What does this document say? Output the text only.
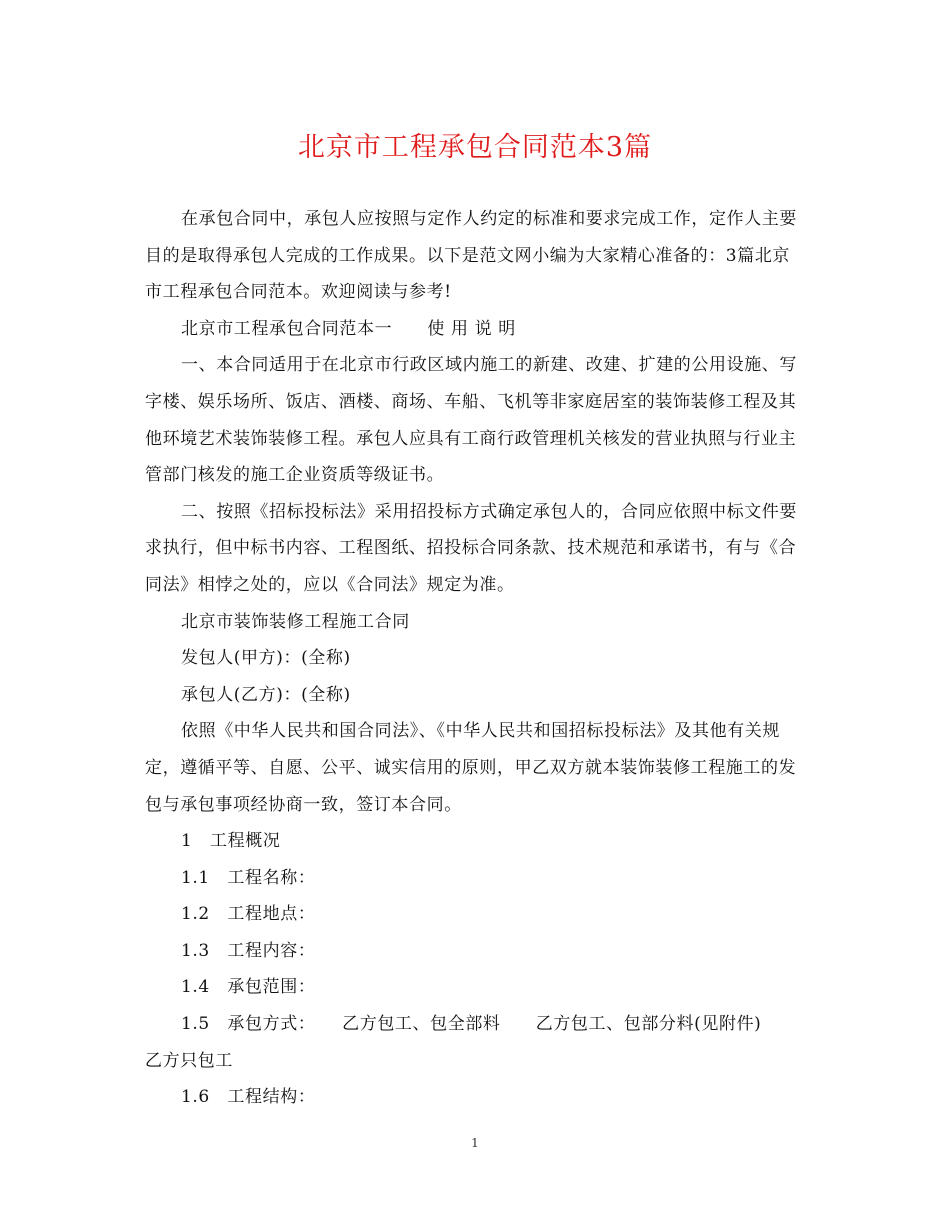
北京市工程承包合同范本3篇

在承包合同中，承包人应按照与定作人约定的标准和要求完成工作，定作人主要目的是取得承包人完成的工作成果。以下是范文网小编为大家精心准备的：3篇北京市工程承包合同范本。欢迎阅读与参考!

北京市工程承包合同范本一　　使 用 说 明

一、本合同适用于在北京市行政区域内施工的新建、改建、扩建的公用设施、写字楼、娱乐场所、饭店、酒楼、商场、车船、飞机等非家庭居室的装饰装修工程及其他环境艺术装饰装修工程。承包人应具有工商行政管理机关核发的营业执照与行业主管部门核发的施工企业资质等级证书。

二、按照《招标投标法》采用招投标方式确定承包人的，合同应依照中标文件要求执行，但中标书内容、工程图纸、招投标合同条款、技术规范和承诺书，有与《合同法》相悖之处的，应以《合同法》规定为准。

北京市装饰装修工程施工合同

发包人(甲方)：(全称)

承包人(乙方)：(全称)

依照《中华人民共和国合同法》、《中华人民共和国招标投标法》及其他有关规定，遵循平等、自愿、公平、诚实信用的原则，甲乙双方就本装饰装修工程施工的发包与承包事项经协商一致，签订本合同。

1　工程概况

1.1　工程名称：

1.2　工程地点：

1.3　工程内容：

1.4　承包范围：

1.5　承包方式：　　乙方包工、包全部料　　乙方包工、包部分料(见附件)　　乙方只包工

1.6　工程结构：

1
